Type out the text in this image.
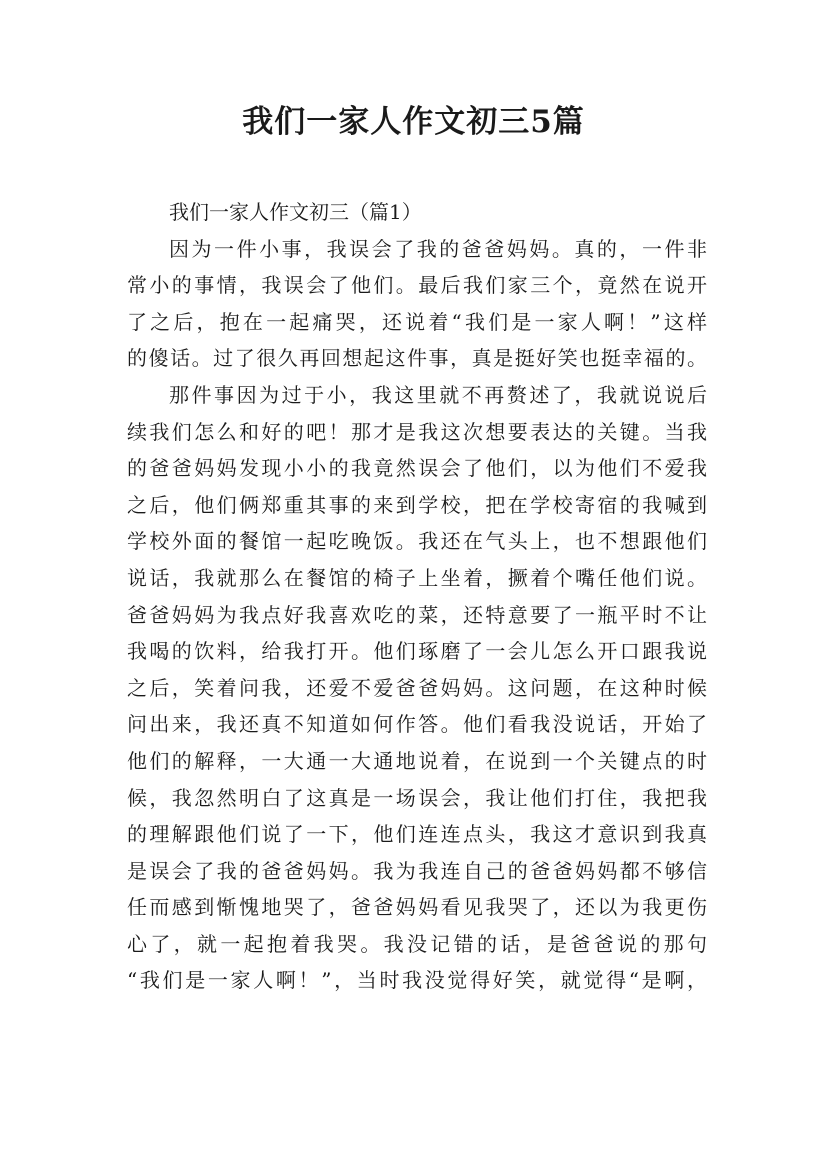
我们一家人作文初三5篇
我们一家人作文初三（篇1）
因为一件小事，我误会了我的爸爸妈妈。真的，一件非
常小的事情，我误会了他们。最后我们家三个，竟然在说开
了之后，抱在一起痛哭，还说着“我们是一家人啊！”这样
的傻话。过了很久再回想起这件事，真是挺好笑也挺幸福的。
那件事因为过于小，我这里就不再赘述了，我就说说后
续我们怎么和好的吧！那才是我这次想要表达的关键。当我
的爸爸妈妈发现小小的我竟然误会了他们，以为他们不爱我
之后，他们俩郑重其事的来到学校，把在学校寄宿的我喊到
学校外面的餐馆一起吃晚饭。我还在气头上，也不想跟他们
说话，我就那么在餐馆的椅子上坐着，撅着个嘴任他们说。
爸爸妈妈为我点好我喜欢吃的菜，还特意要了一瓶平时不让
我喝的饮料，给我打开。他们琢磨了一会儿怎么开口跟我说
之后，笑着问我，还爱不爱爸爸妈妈。这问题，在这种时候
问出来，我还真不知道如何作答。他们看我没说话，开始了
他们的解释，一大通一大通地说着，在说到一个关键点的时
候，我忽然明白了这真是一场误会，我让他们打住，我把我
的理解跟他们说了一下，他们连连点头，我这才意识到我真
是误会了我的爸爸妈妈。我为我连自己的爸爸妈妈都不够信
任而感到惭愧地哭了，爸爸妈妈看见我哭了，还以为我更伤
心了，就一起抱着我哭。我没记错的话，是爸爸说的那句
“我们是一家人啊！”，当时我没觉得好笑，就觉得“是啊，
